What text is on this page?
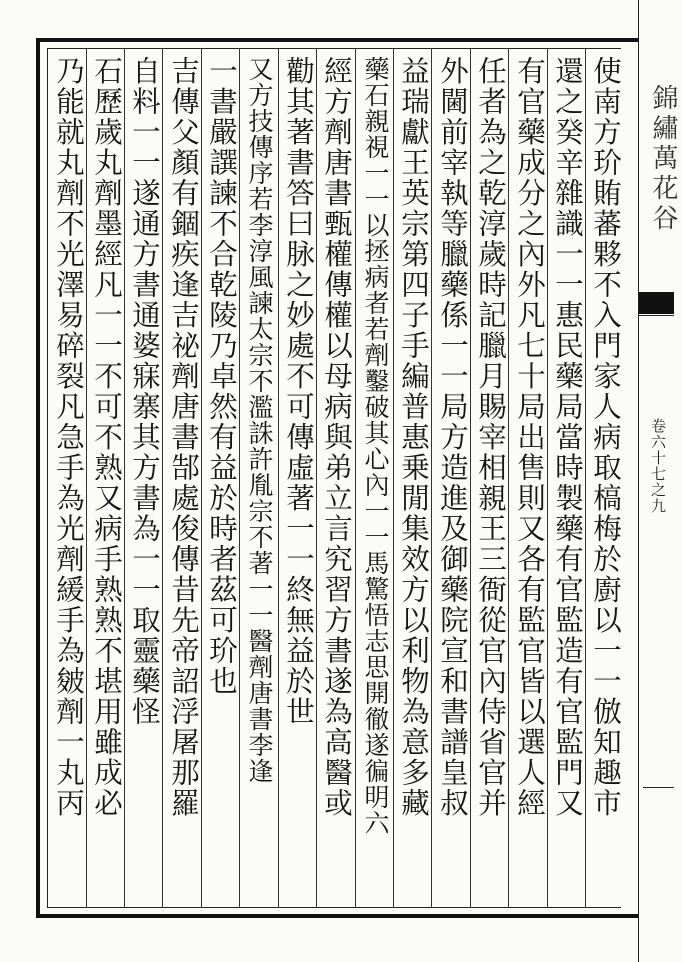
使南方玠賄蕃夥不入門家人病取槁梅於廚以一一倣知趣市
還之癸辛雜識一一惠民藥局當時製藥有官監造有官監門又
有官藥成分之內外凡七十局出售則又各有監官皆以選人經
任者為之乾淳歲時記臘月賜宰相親王三衙從官內侍省官并
外閫前宰執等臘藥係一一局方造進及御藥院宣和書譜皇叔
益瑞獻王英宗第四子手編普惠乗閒集效方以利物為意多藏
藥石親視一一以拯病者若劑鑿破其心內一一馬驚悟志思開徹遂徧明六
經方劑唐書甄權傳權以母病與弟立言究習方書遂為高醫或
勸其著書答曰脉之妙處不可傳虛著一一終無益於世
又方技傳序若李淳風諫太宗不濫誅許胤宗不著一一醫劑唐書李逢
一書嚴譔諫不合乾陵乃卓然有益於時者茲可玠也
吉傳父顏有錮疾逢吉祕劑唐書郜處俊傳昔先帝詔浮屠那羅
自料一一遂通方書通婆寐寨其方書為一一取靈藥怪
石歷歲丸劑墨經凡一一不可不熟又病手熟熟不堪用雖成必
乃能就丸劑不光澤易碎裂凡急手為光劑緩手為皴劑一丸丙	錦繡萬花谷
卷六十七之九
